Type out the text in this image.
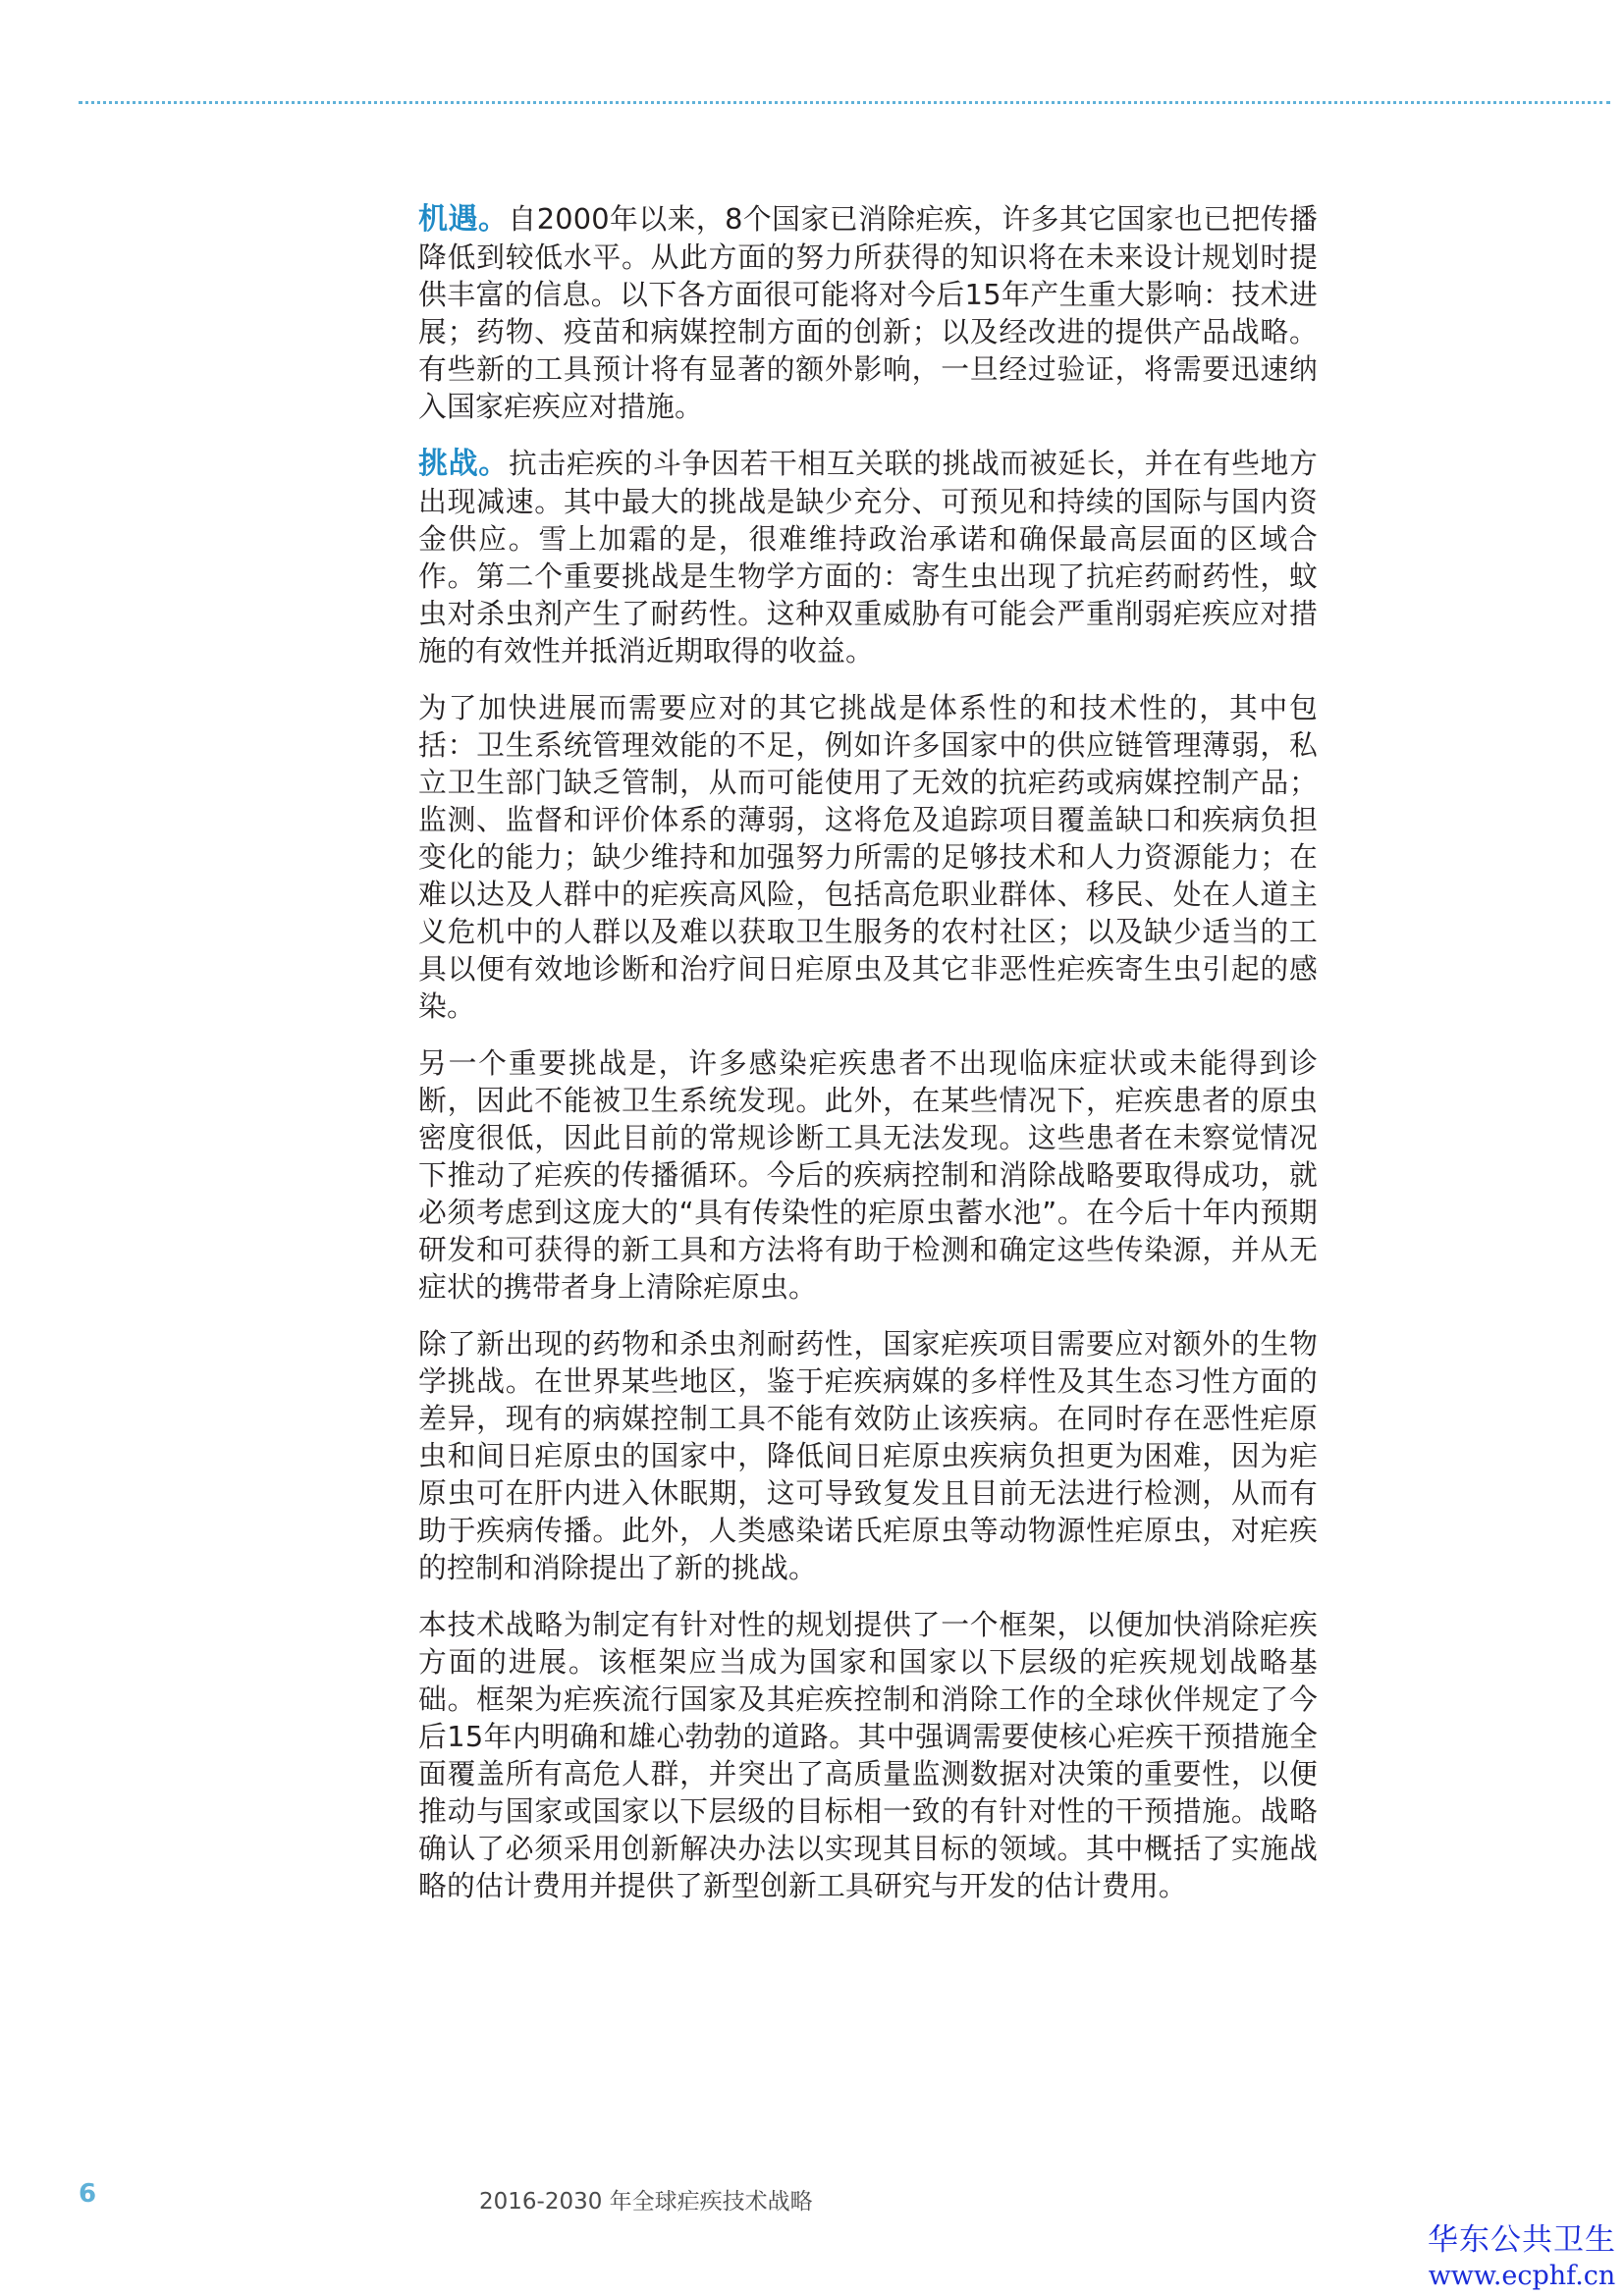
机遇。自2000年以来，8个国家已消除疟疾，许多其它国家也已把传播降低到较低水平。从此方面的努力所获得的知识将在未来设计规划时提供丰富的信息。以下各方面很可能将对今后15年产生重大影响：技术进展；药物、疫苗和病媒控制方面的创新；以及经改进的提供产品战略。有些新的工具预计将有显著的额外影响，一旦经过验证，将需要迅速纳入国家疟疾应对措施。

挑战。抗击疟疾的斗争因若干相互关联的挑战而被延长，并在有些地方出现减速。其中最大的挑战是缺少充分、可预见和持续的国际与国内资金供应。雪上加霜的是，很难维持政治承诺和确保最高层面的区域合作。第二个重要挑战是生物学方面的：寄生虫出现了抗疟药耐药性，蚊虫对杀虫剂产生了耐药性。这种双重威胁有可能会严重削弱疟疾应对措施的有效性并抵消近期取得的收益。

为了加快进展而需要应对的其它挑战是体系性的和技术性的，其中包括：卫生系统管理效能的不足，例如许多国家中的供应链管理薄弱，私立卫生部门缺乏管制，从而可能使用了无效的抗疟药或病媒控制产品；监测、监督和评价体系的薄弱，这将危及追踪项目覆盖缺口和疾病负担变化的能力；缺少维持和加强努力所需的足够技术和人力资源能力；在难以达及人群中的疟疾高风险，包括高危职业群体、移民、处在人道主义危机中的人群以及难以获取卫生服务的农村社区；以及缺少适当的工具以便有效地诊断和治疗间日疟原虫及其它非恶性疟疾寄生虫引起的感染。

另一个重要挑战是，许多感染疟疾患者不出现临床症状或未能得到诊断，因此不能被卫生系统发现。此外，在某些情况下，疟疾患者的原虫密度很低，因此目前的常规诊断工具无法发现。这些患者在未察觉情况下推动了疟疾的传播循环。今后的疾病控制和消除战略要取得成功，就必须考虑到这庞大的“具有传染性的疟原虫蓄水池”。在今后十年内预期研发和可获得的新工具和方法将有助于检测和确定这些传染源，并从无症状的携带者身上清除疟原虫。

除了新出现的药物和杀虫剂耐药性，国家疟疾项目需要应对额外的生物学挑战。在世界某些地区，鉴于疟疾病媒的多样性及其生态习性方面的差异，现有的病媒控制工具不能有效防止该疾病。在同时存在恶性疟原虫和间日疟原虫的国家中，降低间日疟原虫疾病负担更为困难，因为疟原虫可在肝内进入休眠期，这可导致复发且目前无法进行检测，从而有助于疾病传播。此外，人类感染诺氏疟原虫等动物源性疟原虫，对疟疾的控制和消除提出了新的挑战。

本技术战略为制定有针对性的规划提供了一个框架，以便加快消除疟疾方面的进展。该框架应当成为国家和国家以下层级的疟疾规划战略基础。框架为疟疾流行国家及其疟疾控制和消除工作的全球伙伴规定了今后15年内明确和雄心勃勃的道路。其中强调需要使核心疟疾干预措施全面覆盖所有高危人群，并突出了高质量监测数据对决策的重要性，以便推动与国家或国家以下层级的目标相一致的有针对性的干预措施。战略确认了必须采用创新解决办法以实现其目标的领域。其中概括了实施战略的估计费用并提供了新型创新工具研究与开发的估计费用。

6	2016-2030 年全球疟疾技术战略
华东公共卫生
www.ecphf.cn
